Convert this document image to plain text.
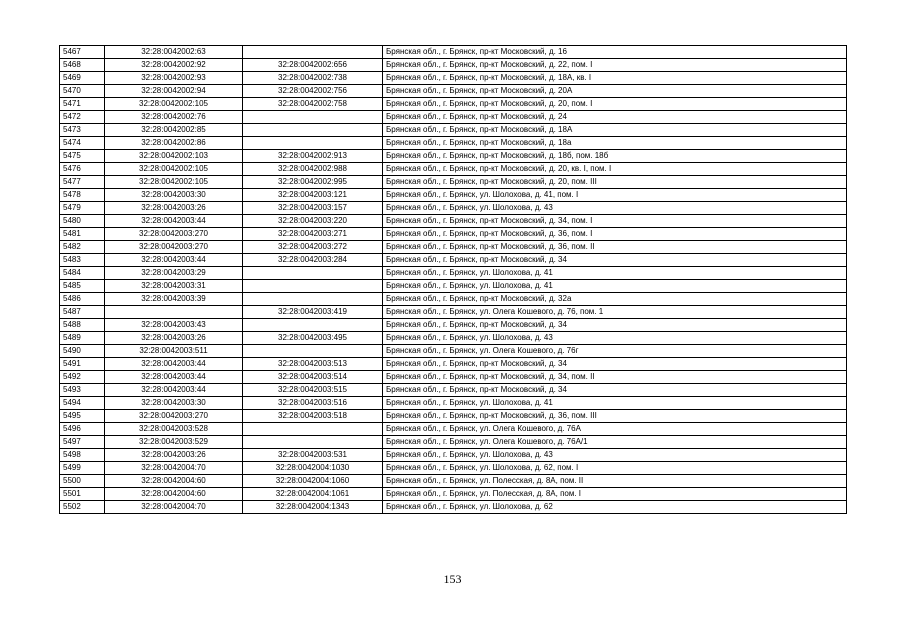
5467	32:28:0042002:63		Брянская обл., г. Брянск, пр-кт Московский, д. 16
5468	32:28:0042002:92	32:28:0042002:656	Брянская обл., г. Брянск, пр-кт Московский, д. 22, пом. I
5469	32:28:0042002:93	32:28:0042002:738	Брянская обл., г. Брянск, пр-кт Московский, д. 18А, кв. I
5470	32:28:0042002:94	32:28:0042002:756	Брянская обл., г. Брянск, пр-кт Московский, д. 20А
5471	32:28:0042002:105	32:28:0042002:758	Брянская обл., г. Брянск, пр-кт Московский, д. 20, пом. I
5472	32:28:0042002:76		Брянская обл., г. Брянск, пр-кт Московский, д. 24
5473	32:28:0042002:85		Брянская обл., г. Брянск, пр-кт Московский, д. 18А
5474	32:28:0042002:86		Брянская обл., г. Брянск, пр-кт Московский, д. 18а
5475	32:28:0042002:103	32:28:0042002:913	Брянская обл., г. Брянск, пр-кт Московский, д. 18б, пом. 18б
5476	32:28:0042002:105	32:28:0042002:988	Брянская обл., г. Брянск, пр-кт Московский, д. 20, кв. I, пом. I
5477	32:28:0042002:105	32:28:0042002:995	Брянская обл., г. Брянск, пр-кт Московский, д. 20, пом. III
5478	32:28:0042003:30	32:28:0042003:121	Брянская обл., г. Брянск, ул. Шолохова, д. 41, пом. I
5479	32:28:0042003:26	32:28:0042003:157	Брянская обл., г. Брянск, ул. Шолохова, д. 43
5480	32:28:0042003:44	32:28:0042003:220	Брянская обл., г. Брянск, пр-кт Московский, д. 34, пом. I
5481	32:28:0042003:270	32:28:0042003:271	Брянская обл., г. Брянск, пр-кт Московский, д. 36, пом. I
5482	32:28:0042003:270	32:28:0042003:272	Брянская обл., г. Брянск, пр-кт Московский, д. 36, пом. II
5483	32:28:0042003:44	32:28:0042003:284	Брянская обл., г. Брянск, пр-кт Московский, д. 34
5484	32:28:0042003:29		Брянская обл., г. Брянск, ул. Шолохова, д. 41
5485	32:28:0042003:31		Брянская обл., г. Брянск, ул. Шолохова, д. 41
5486	32:28:0042003:39		Брянская обл., г. Брянск, пр-кт Московский, д. 32а
5487		32:28:0042003:419	Брянская обл., г. Брянск, ул. Олега Кошевого, д. 76, пом. 1
5488	32:28:0042003:43		Брянская обл., г. Брянск, пр-кт Московский, д. 34
5489	32:28:0042003:26	32:28:0042003:495	Брянская обл., г. Брянск, ул. Шолохова, д. 43
5490	32:28:0042003:511		Брянская обл., г. Брянск, ул. Олега Кошевого, д. 76г
5491	32:28:0042003:44	32:28:0042003:513	Брянская обл., г. Брянск, пр-кт Московский, д. 34
5492	32:28:0042003:44	32:28:0042003:514	Брянская обл., г. Брянск, пр-кт Московский, д. 34, пом. II
5493	32:28:0042003:44	32:28:0042003:515	Брянская обл., г. Брянск, пр-кт Московский, д. 34
5494	32:28:0042003:30	32:28:0042003:516	Брянская обл., г. Брянск, ул. Шолохова, д. 41
5495	32:28:0042003:270	32:28:0042003:518	Брянская обл., г. Брянск, пр-кт Московский, д. 36, пом. III
5496	32:28:0042003:528		Брянская обл., г. Брянск, ул. Олега Кошевого, д. 76А
5497	32:28:0042003:529		Брянская обл., г. Брянск, ул. Олега Кошевого, д. 76А/1
5498	32:28:0042003:26	32:28:0042003:531	Брянская обл., г. Брянск, ул. Шолохова, д. 43
5499	32:28:0042004:70	32:28:0042004:1030	Брянская обл., г. Брянск, ул. Шолохова, д. 62, пом. I
5500	32:28:0042004:60	32:28:0042004:1060	Брянская обл., г. Брянск, ул. Полесская, д. 8А, пом. II
5501	32:28:0042004:60	32:28:0042004:1061	Брянская обл., г. Брянск, ул. Полесская, д. 8А, пом. I
5502	32:28:0042004:70	32:28:0042004:1343	Брянская обл., г. Брянск, ул. Шолохова, д. 62
153
